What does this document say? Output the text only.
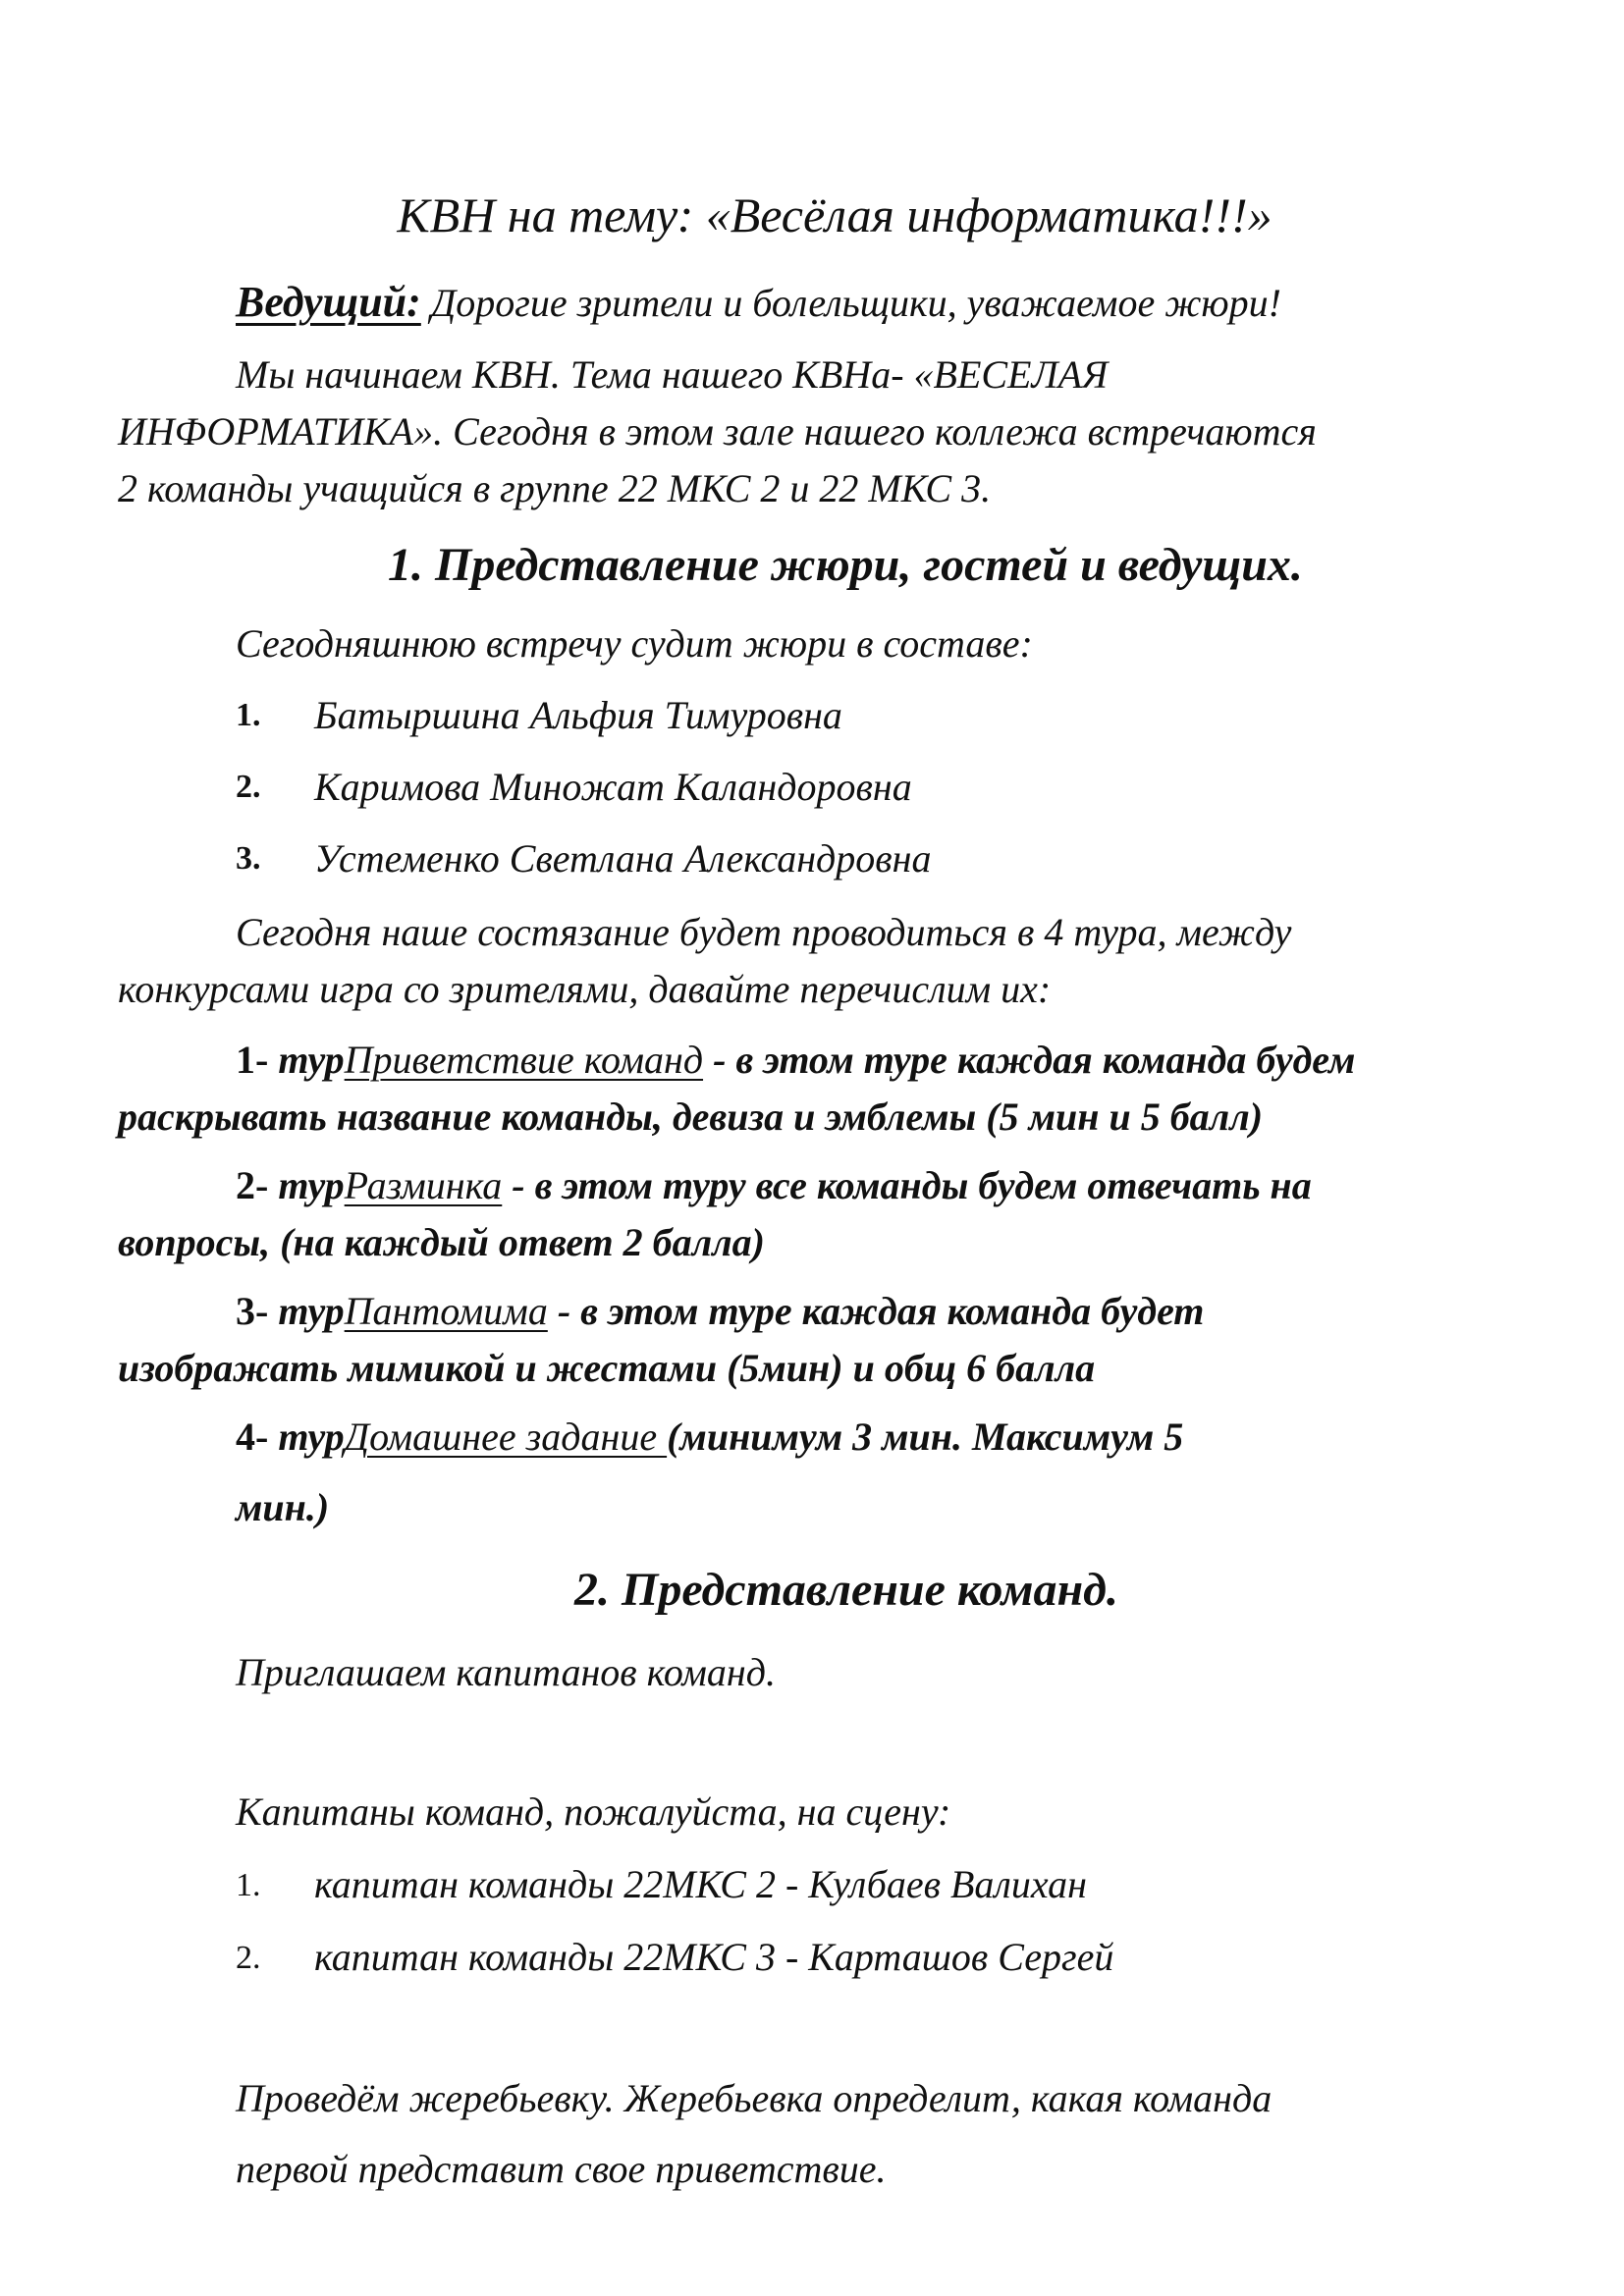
КВН на тему: «Весёлая информатика!!!»
Ведущий: Дорогие зрители и болельщики, уважаемое жюри!
Мы начинаем КВН. Тема нашего КВНа- «ВЕСЕЛАЯ
ИНФОРМАТИКА». Сегодня в этом зале нашего коллежа встречаются
2 команды учащийся в группе 22 МКС 2 и 22 МКС 3.
1. Представление жюри, гостей и ведущих.
Сегодняшнюю встречу судит жюри в составе:
1. Батыршина Альфия Тимуровна
2. Каримова Миножат Каландоровна
3. Устеменко Светлана Александровна
Сегодня наше состязание будет проводиться в 4 тура, между
конкурсами игра со зрителями, давайте перечислим их:
1- турПриветствие команд - в этом туре каждая команда будем
раскрывать название команды, девиза и эмблемы (5 мин и 5 балл)
2- турРазминка - в этом туру все команды будем отвечать на
вопросы, (на каждый ответ 2 балла)
3- турПантомима - в этом туре каждая команда будет
изображать мимикой и жестами (5мин) и общ 6 балла
4- турДомашнее задание (минимум 3 мин. Максимум 5
мин.)
2. Представление команд.
Приглашаем капитанов команд.
Капитаны команд, пожалуйста, на сцену:
1. капитан команды 22МКС 2 - Кулбаев Валихан
2. капитан команды 22МКС 3 - Карташов Сергей
Проведём жеребьевку. Жеребьевка определит, какая команда
первой представит свое приветствие.
